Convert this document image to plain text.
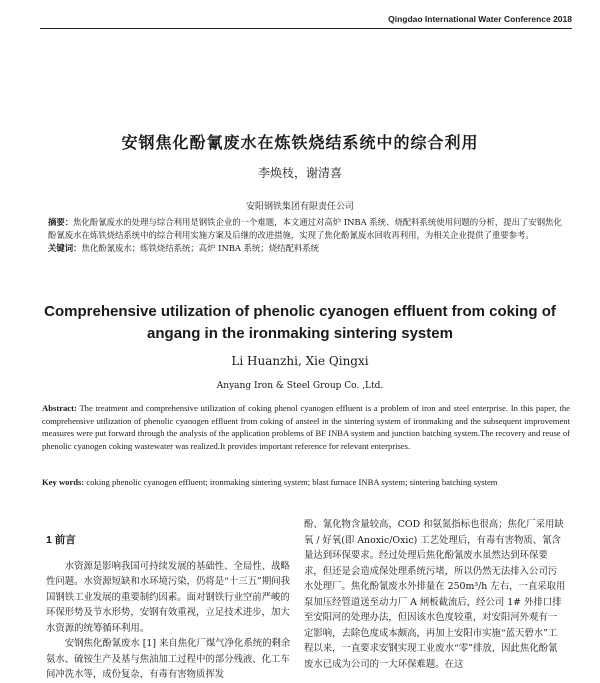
Qingdao International Water Conference 2018
安钢焦化酚氰废水在炼铁烧结系统中的综合利用
李焕枝，谢清喜
安阳钢铁集团有限责任公司
摘要：焦化酚氰废水的处理与综合利用是钢铁企业的一个难题，本文通过对高炉 INBA 系统、烧配料系统使用问题的分析，提出了安钢焦化酚氰废水在炼铁烧结系统中的综合利用实施方案及后继的改进措施，实现了焦化酚氰废水回收再利用，为相关企业提供了重要参考。
关键词：焦化酚氰废水；炼铁烧结系统；高炉 INBA 系统；烧结配料系统
Comprehensive utilization of phenolic cyanogen effluent from coking of angang in the ironmaking sintering system
Li Huanzhi, Xie Qingxi
Anyang Iron & Steel Group Co. ,Ltd.
Abstract: The treatment and comprehensive utilization of coking phenol cyanogen effluent is a problem of iron and steel enterprise. In this paper, the comprehensive utilization of phenolic cyanogen effluent from coking of ansteel in the sintering system of ironmaking and the subsequent improvement measures were put forward through the analysis of the application problems of BF INBA system and junction batching system.The recovery and reuse of phenolic cyanogen coking wastewater was realized.It provides important reference for relevant enterprises.
Key words: coking phenolic cyanogen effluent; ironmaking sintering system; blast furnace INBA system; sintering batching system
1 前言

水资源是影响我国可持续发展的基础性、全局性、战略性问题。水资源短缺和水环境污染，仍将是“十三五”期间我国钢铁工业发展的重要制约因素。面对钢铁行业空前严峻的环保形势及节水形势，安钢有效重视，立足技术进步，加大水资源的统筹循环利用。

安钢焦化酚氰废水 [1] 来自焦化厂煤气净化系统的剩余氨水、硫铵生产及基与焦油加工过程中的部分残液、化工车间冲洗水等，成份复杂，有毒有害物质挥发

酚、氰化物含量较高，COD 和氨氮指标也很高；焦化厂采用缺氧 / 好氧(即 Anoxic/Oxic) 工艺处理后，有毒有害物质、氰含量达到环保要求。经过处理后焦化酚氰废水虽然达到环保要求，但还是会造成保处理系统污堵，所以仍然无法排入公司污水处理厂。焦化酚氰废水外排量在 250m³/h 左右，一直采取用泵加压经管道送至动力厂 A 闸板截流后，经公司 1# 外排口排至安阳河的处理办法，但因该水色度较重，对安阳河外观有一定影响，去除色度成本颇高，再加上安阳市实施“蓝天碧水”工程以来，一直要求安钢实现工业废水“零”排放，因此焦化酚氰废水已成为公司的一大环保难题。在这
